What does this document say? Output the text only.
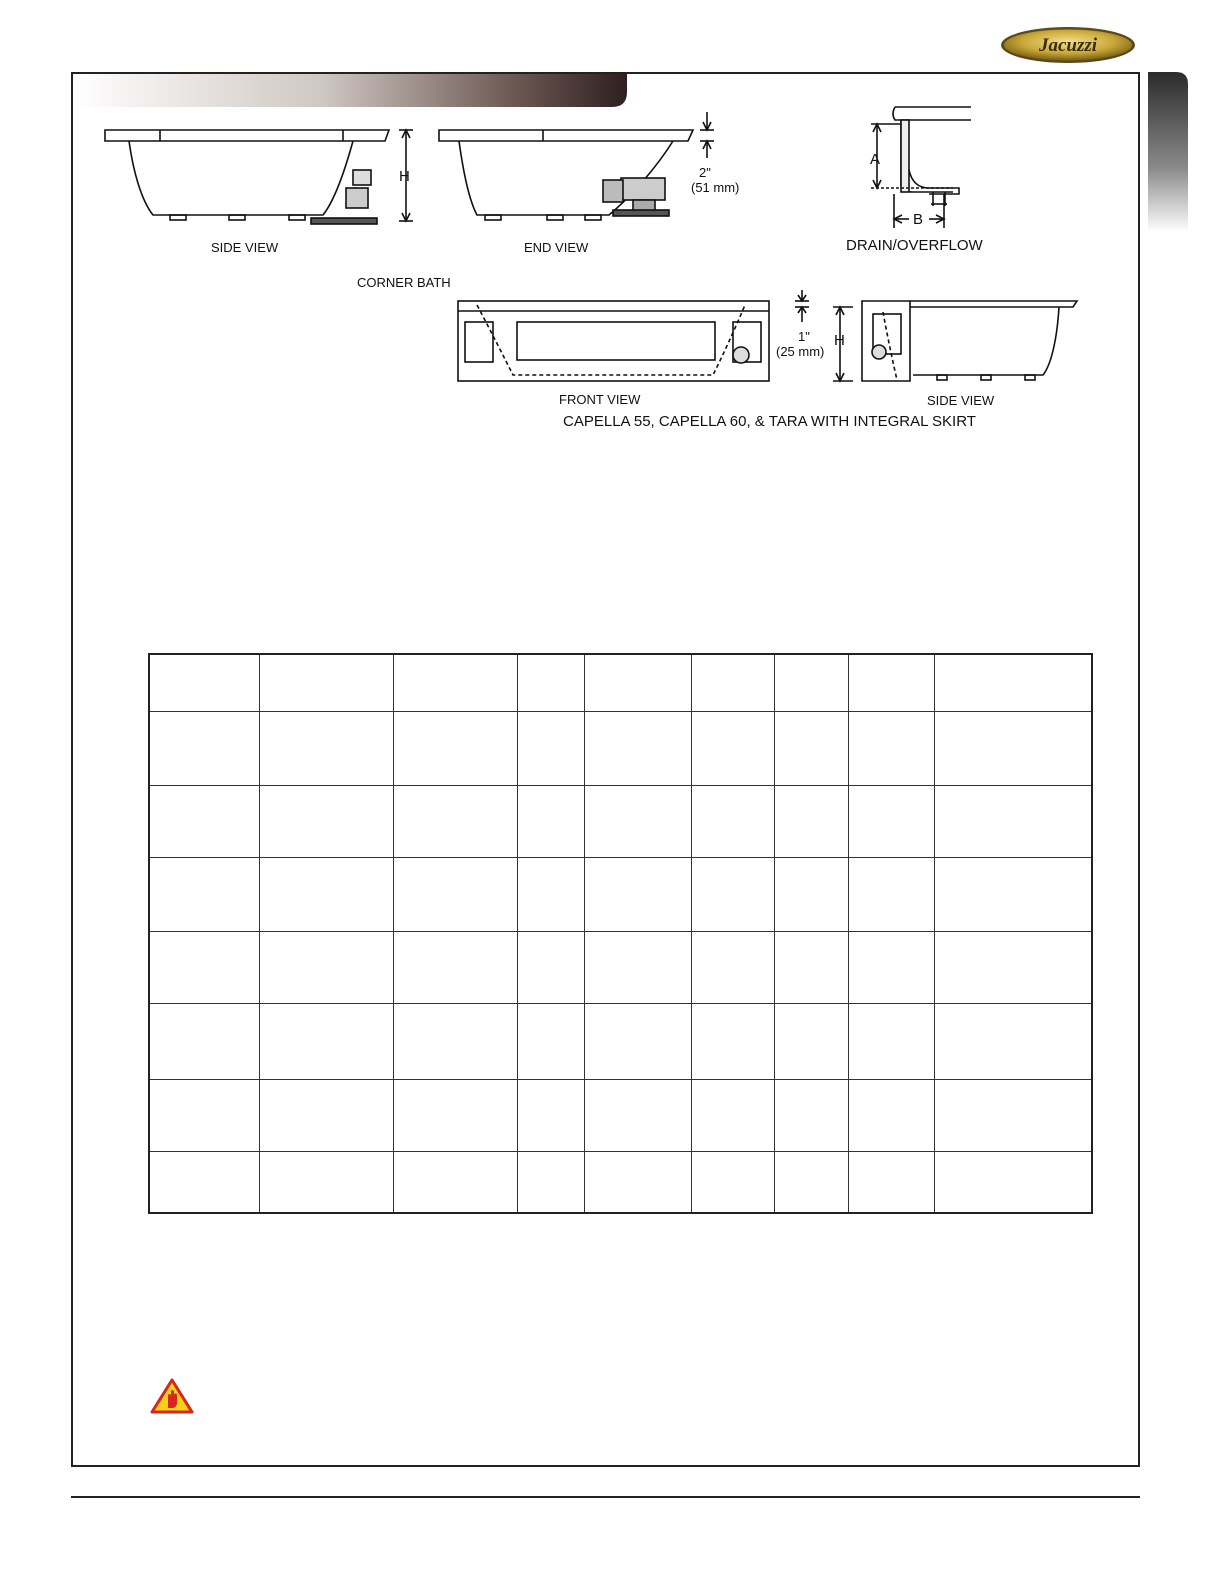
Jacuzzi
SIDE VIEW	END VIEW	DRAIN/OVERFLOW
CORNER BATH
FRONT VIEW	SIDE VIEW
CAPELLA 55, CAPELLA 60, & TARA WITH INTEGRAL SKIRT
H
H
A
B
2"
(51 mm)
1"
(25 mm)
